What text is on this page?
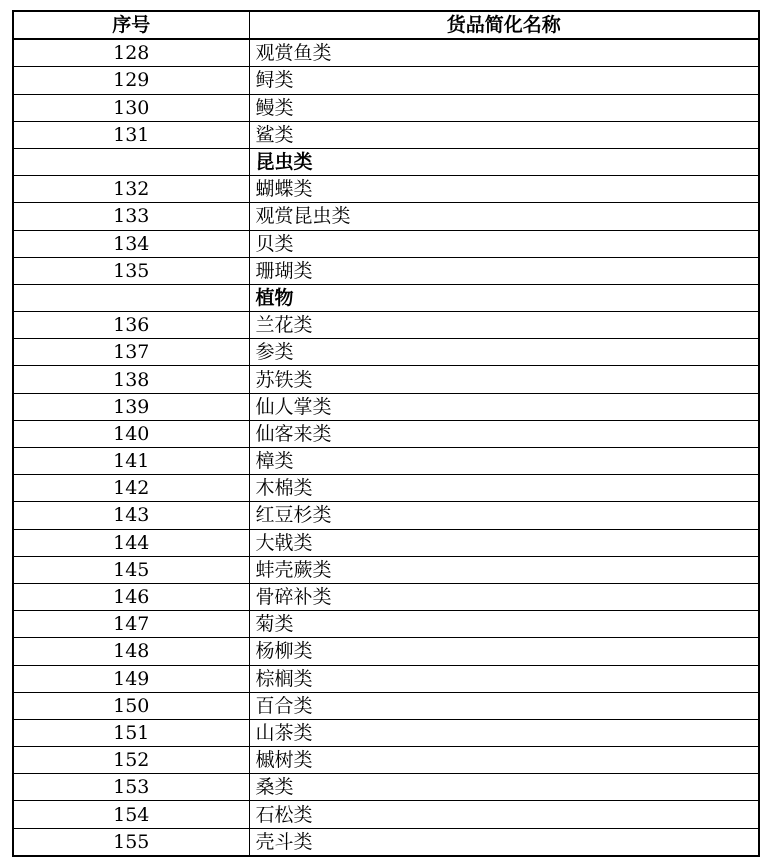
序号	货品简化名称
128	观赏鱼类
129	鲟类
130	鳗类
131	鲨类
	昆虫类
132	蝴蝶类
133	观赏昆虫类
134	贝类
135	珊瑚类
	植物
136	兰花类
137	参类
138	苏铁类
139	仙人掌类
140	仙客来类
141	樟类
142	木棉类
143	红豆杉类
144	大戟类
145	蚌壳蕨类
146	骨碎补类
147	菊类
148	杨柳类
149	棕榈类
150	百合类
151	山茶类
152	槭树类
153	桑类
154	石松类
155	壳斗类
